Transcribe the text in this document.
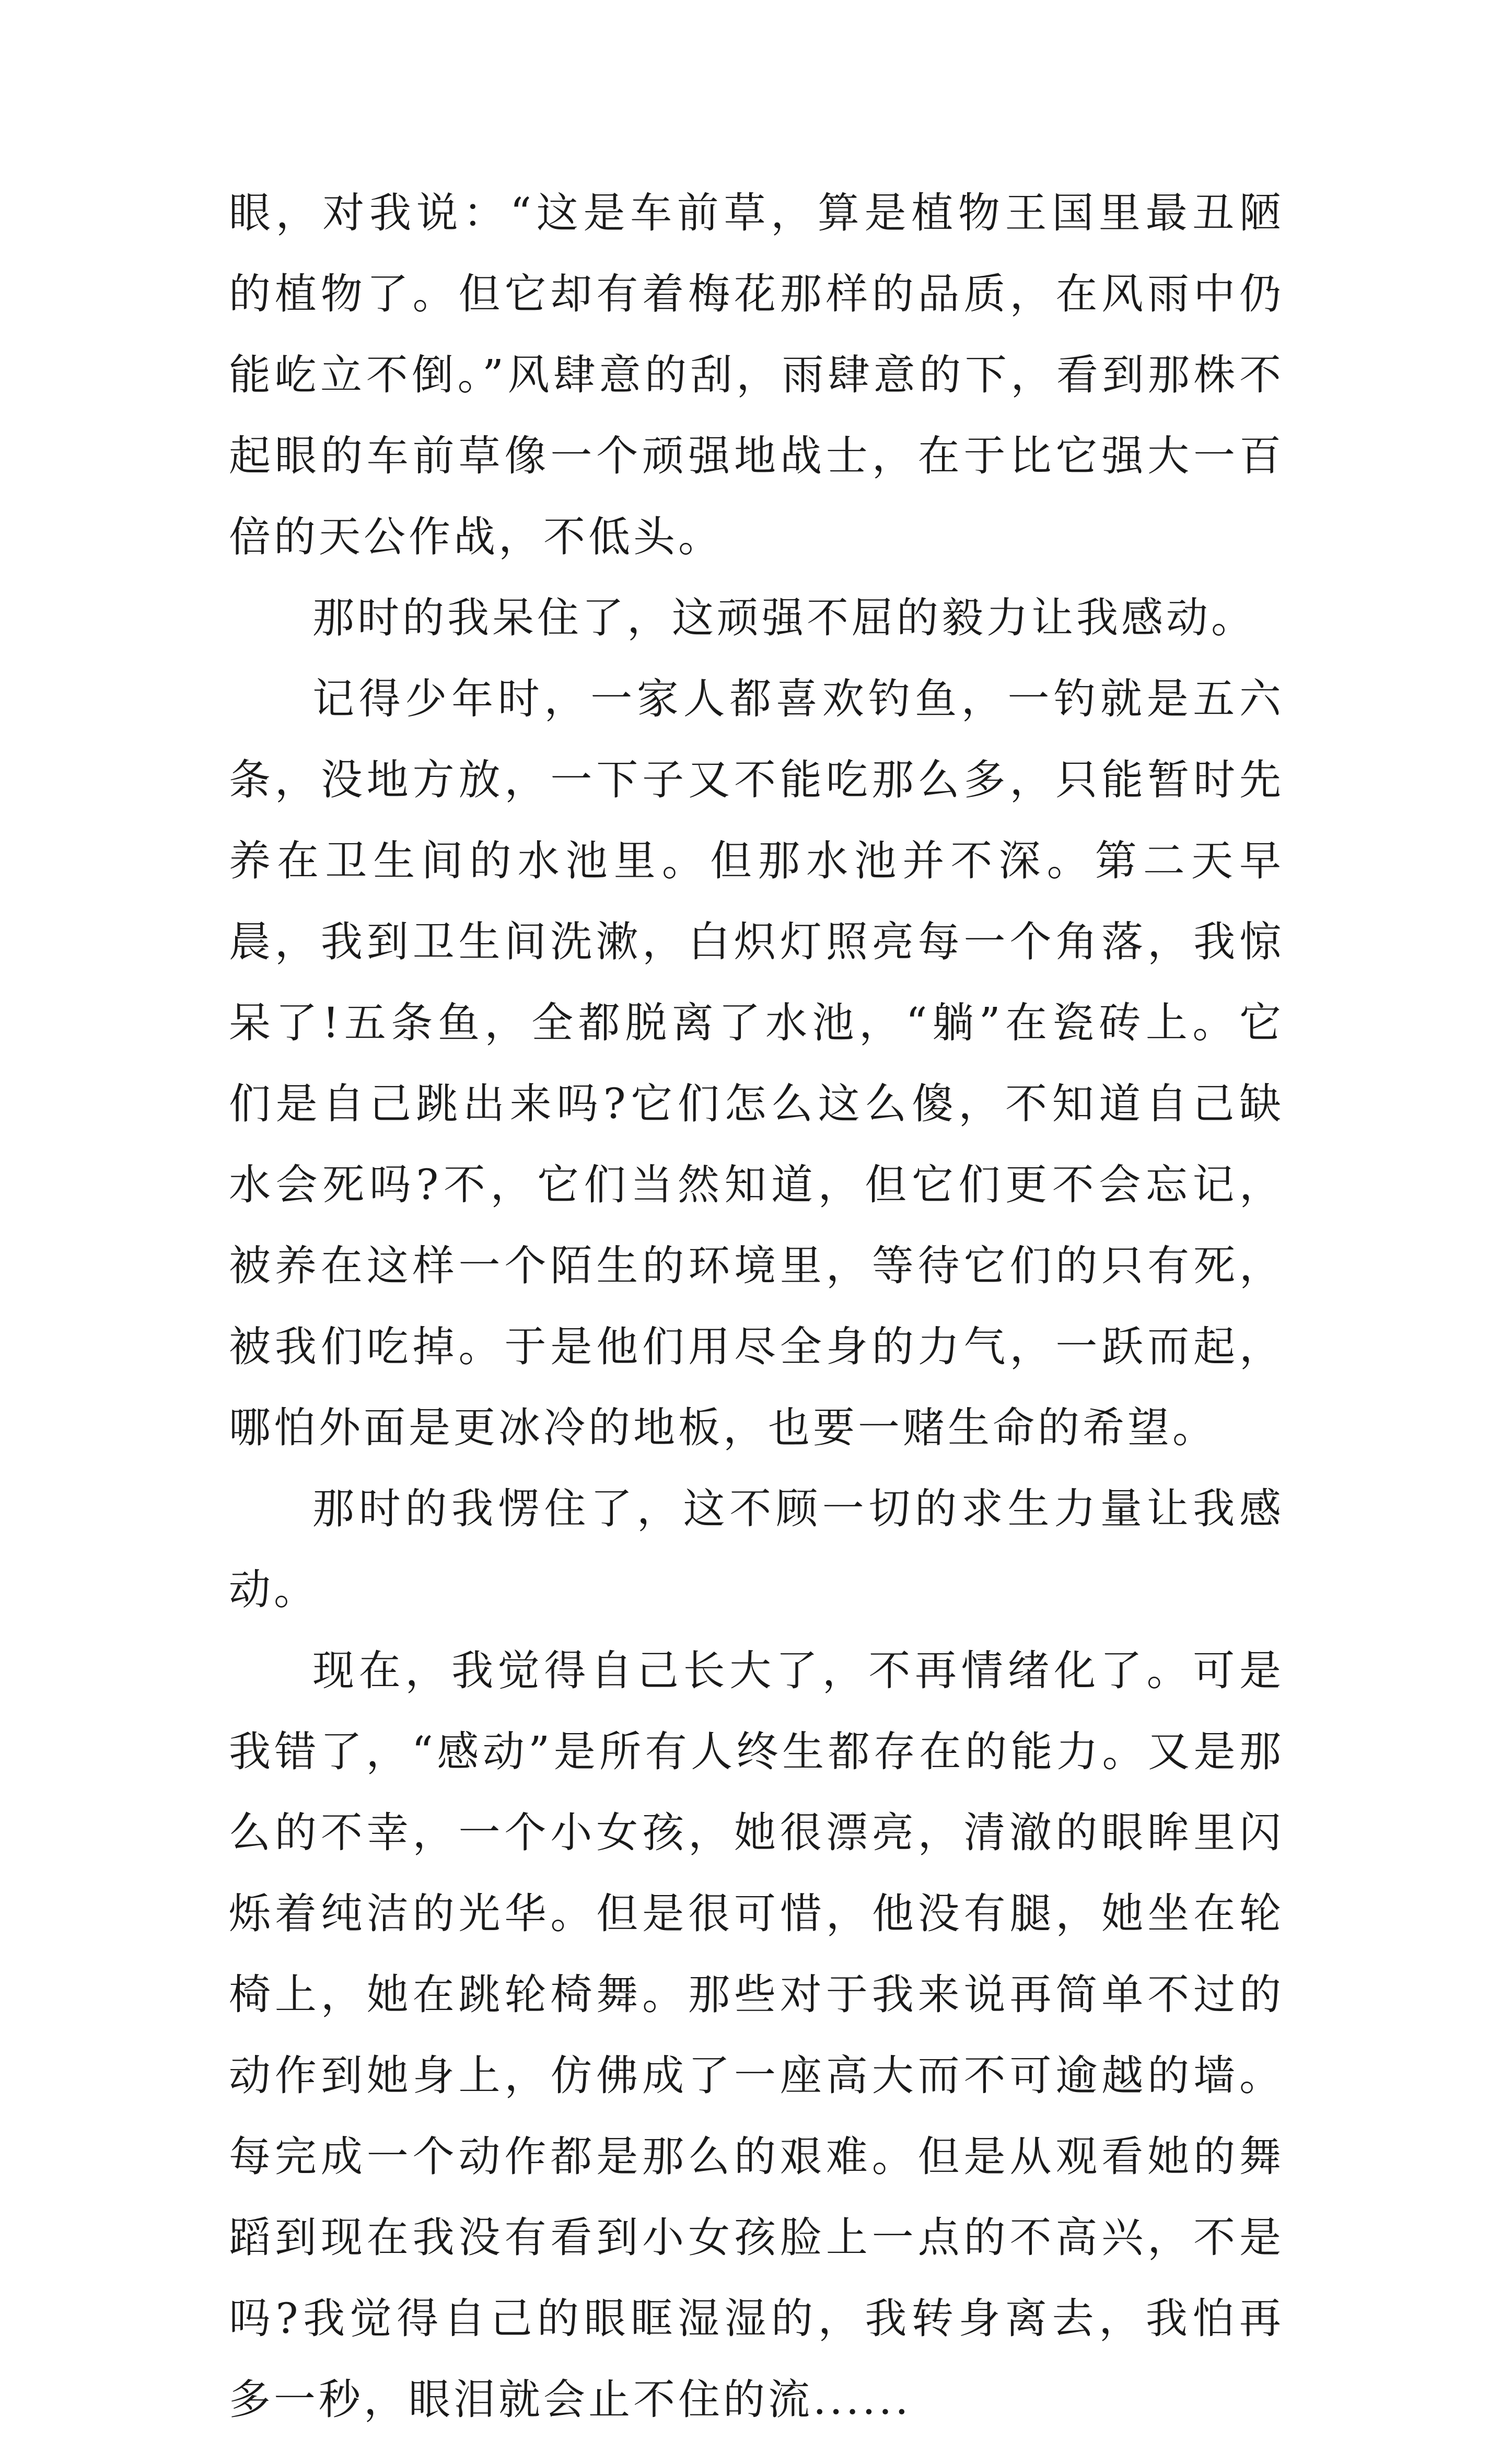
眼，对我说：“这是车前草，算是植物王国里最丑陋的植物了。但它却有着梅花那样的品质，在风雨中仍能屹立不倒。”风肆意的刮，雨肆意的下，看到那株不起眼的车前草像一个顽强地战士，在于比它强大一百倍的天公作战，不低头。

那时的我呆住了，这顽强不屈的毅力让我感动。

记得少年时，一家人都喜欢钓鱼，一钓就是五六条，没地方放，一下子又不能吃那么多，只能暂时先养在卫生间的水池里。但那水池并不深。第二天早晨，我到卫生间洗漱，白炽灯照亮每一个角落，我惊呆了!五条鱼，全都脱离了水池，“躺”在瓷砖上。它们是自己跳出来吗?它们怎么这么傻，不知道自己缺水会死吗?不，它们当然知道，但它们更不会忘记，被养在这样一个陌生的环境里，等待它们的只有死，被我们吃掉。于是他们用尽全身的力气，一跃而起，哪怕外面是更冰冷的地板，也要一赌生命的希望。

那时的我愣住了，这不顾一切的求生力量让我感动。

现在，我觉得自己长大了，不再情绪化了。可是我错了，“感动”是所有人终生都存在的能力。又是那么的不幸，一个小女孩，她很漂亮，清澈的眼眸里闪烁着纯洁的光华。但是很可惜，他没有腿，她坐在轮椅上，她在跳轮椅舞。那些对于我来说再简单不过的动作到她身上，仿佛成了一座高大而不可逾越的墙。每完成一个动作都是那么的艰难。但是从观看她的舞蹈到现在我没有看到小女孩脸上一点的不高兴，不是吗?我觉得自己的眼眶湿湿的，我转身离去，我怕再多一秒，眼泪就会止不住的流......
